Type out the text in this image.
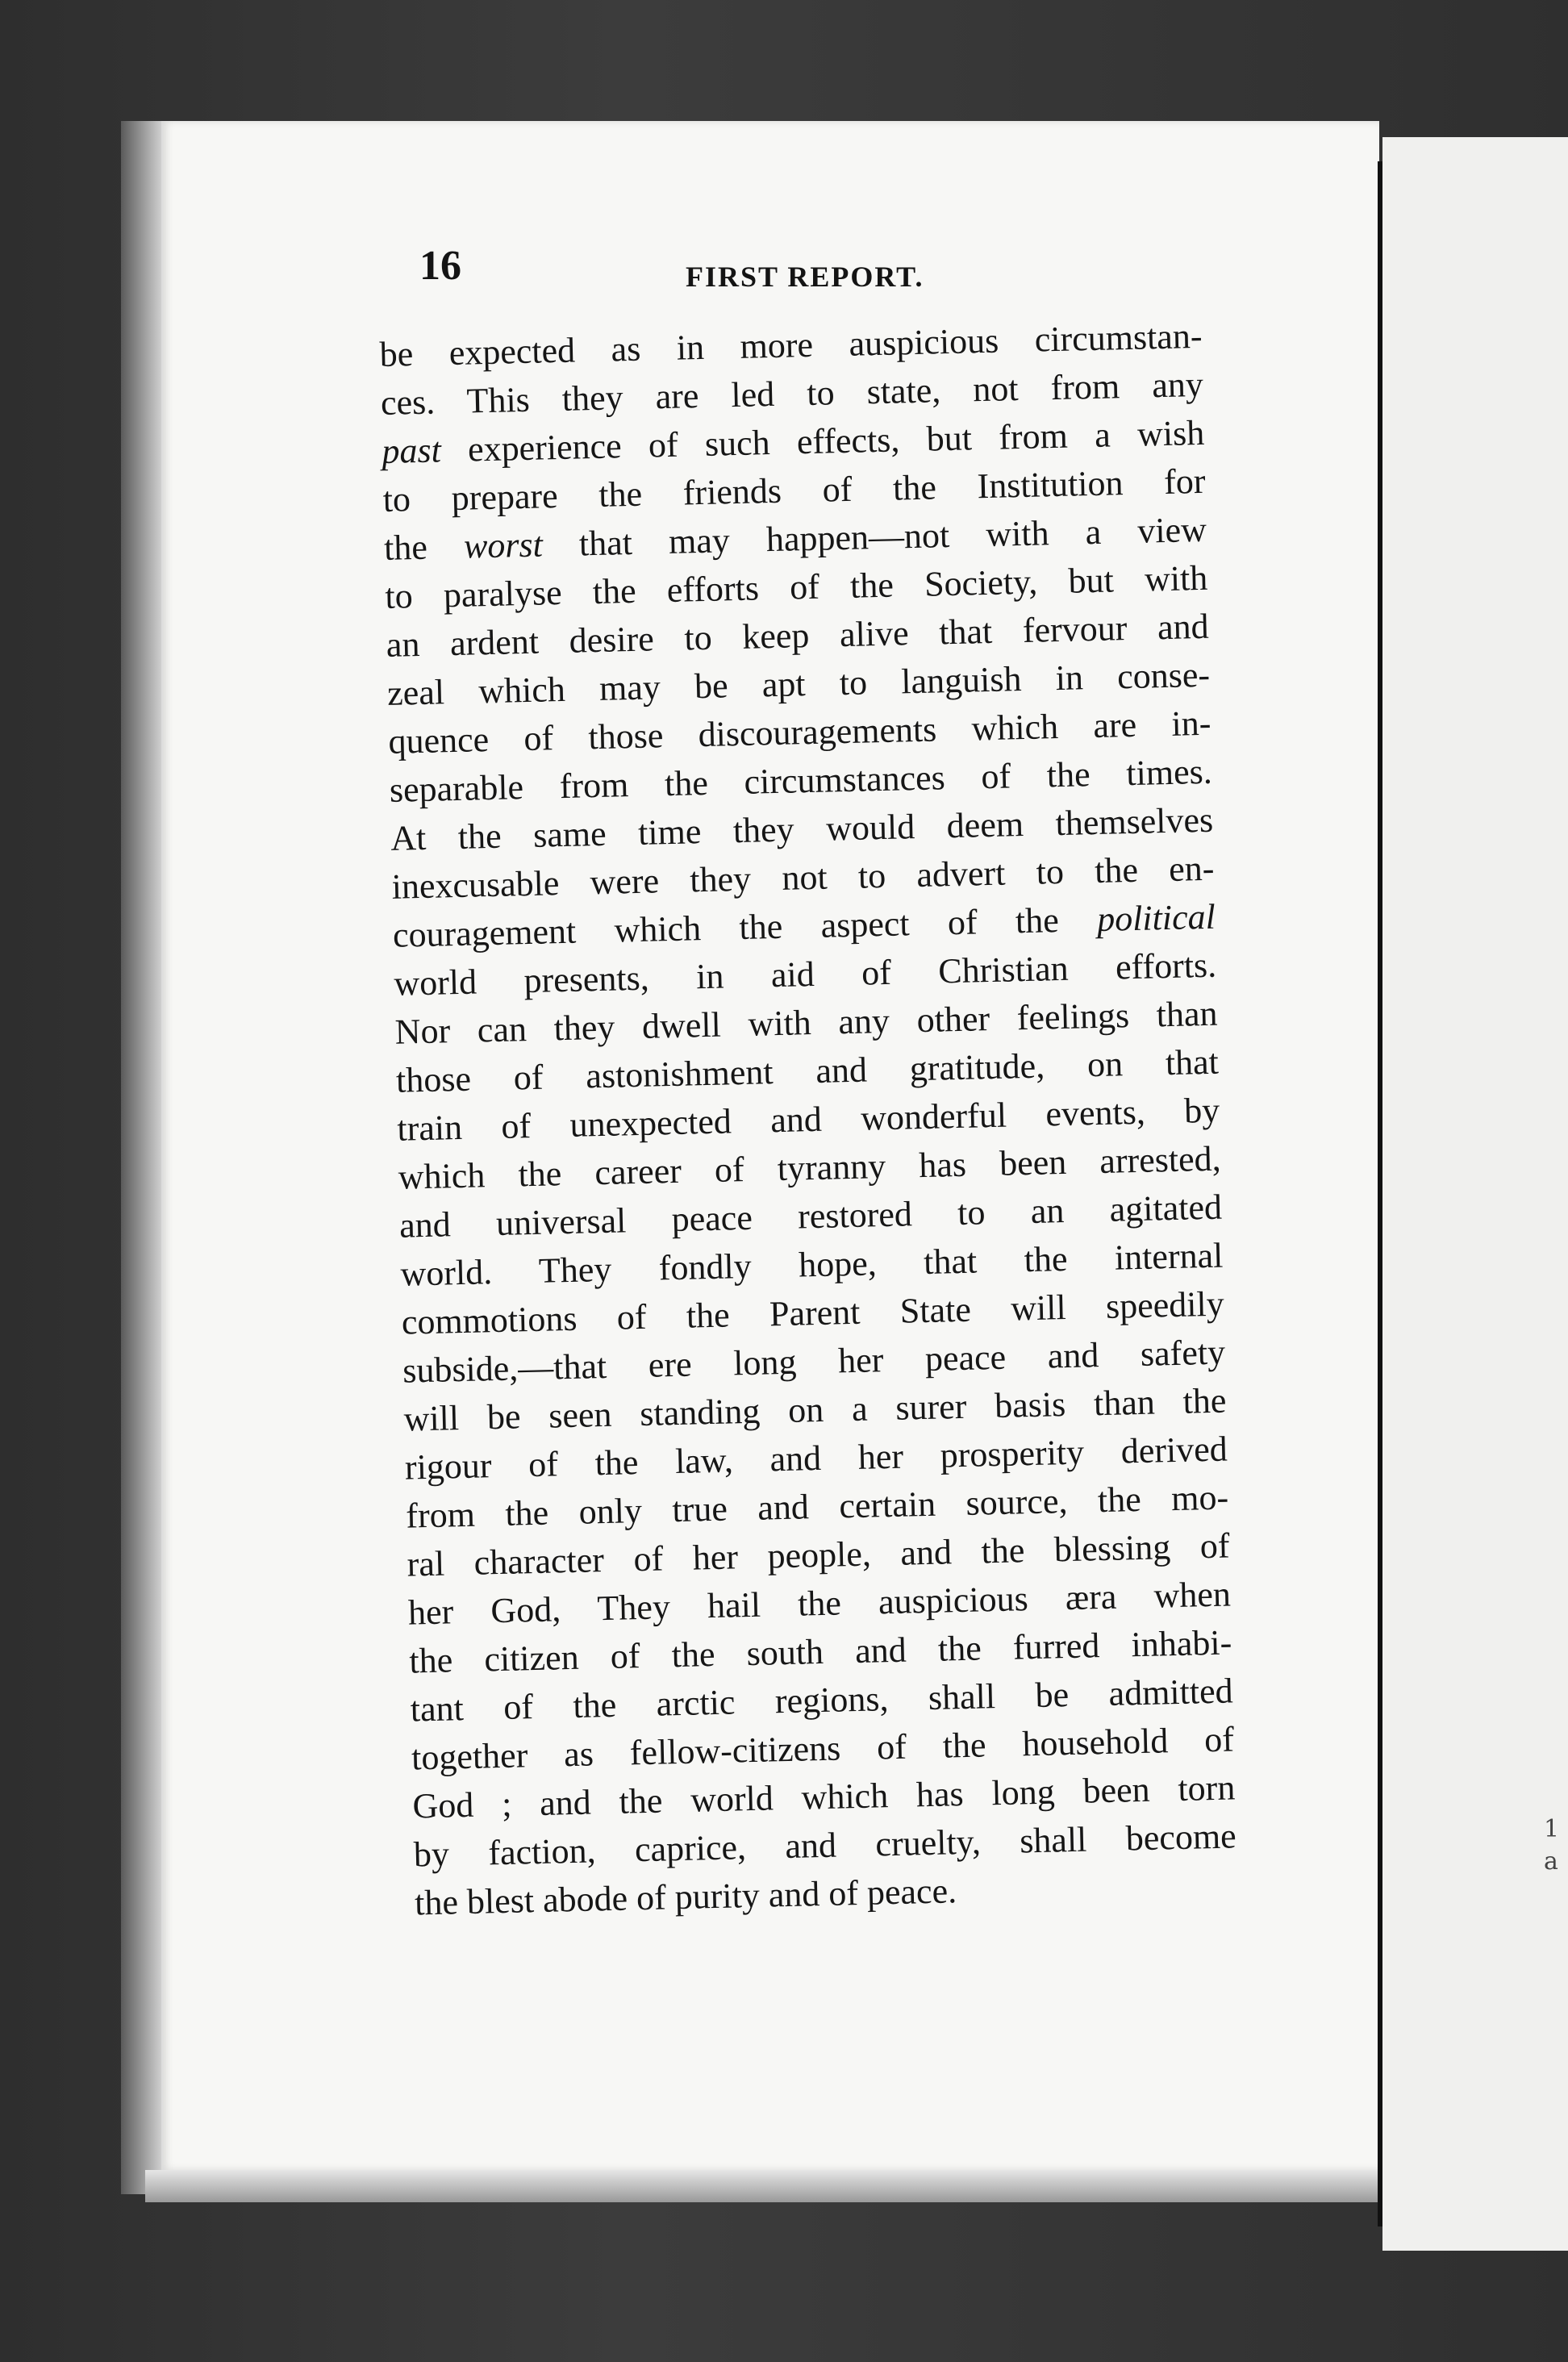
1
a
16	FIRST REPORT.
be expected as in more auspicious circumstan-
ces. This they are led to state, not from any
past experience of such effects, but from a wish
to prepare the friends of the Institution for
the worst that may happen—not with a view
to paralyse the efforts of the Society, but with
an ardent desire to keep alive that fervour and
zeal which may be apt to languish in conse-
quence of those discouragements which are in-
separable from the circumstances of the times.
At the same time they would deem themselves
inexcusable were they not to advert to the en-
couragement which the aspect of the political
world presents, in aid of Christian efforts.
Nor can they dwell with any other feelings than
those of astonishment and gratitude, on that
train of unexpected and wonderful events, by
which the career of tyranny has been arrested,
and universal peace restored to an agitated
world. They fondly hope, that the internal
commotions of the Parent State will speedily
subside,—that ere long her peace and safety
will be seen standing on a surer basis than the
rigour of the law, and her prosperity derived
from the only true and certain source, the mo-
ral character of her people, and the blessing of
her God, They hail the auspicious æra when
the citizen of the south and the furred inhabi-
tant of the arctic regions, shall be admitted
together as fellow-citizens of the household of
God ; and the world which has long been torn
by faction, caprice, and cruelty, shall become
the blest abode of purity and of peace.
